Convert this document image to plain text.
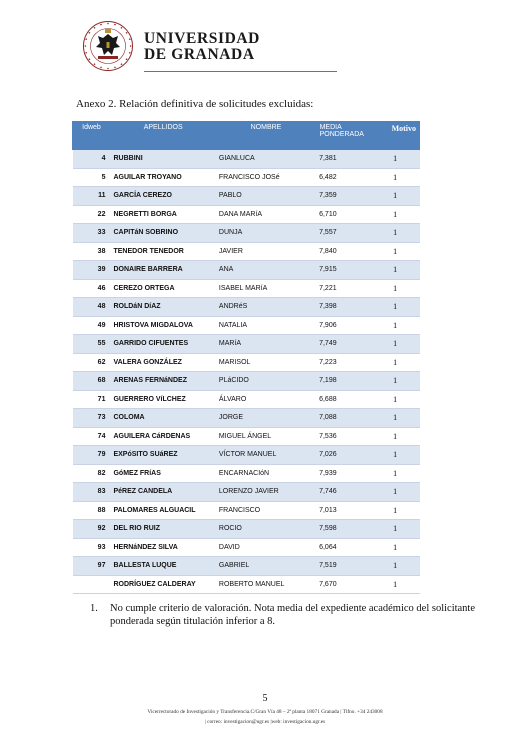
UNIVERSIDAD
DE GRANADA
Anexo 2. Relación definitiva de solicitudes excluidas:
Idweb	APELLIDOS	NOMBRE	MEDIA PONDERADA	Motivo
4	RUBBINI	GIANLUCA	7,381	1
5	AGUILAR TROYANO	FRANCISCO JOSé	6,482	1
11	GARCÍA CEREZO	PABLO	7,359	1
22	NEGRETTI BORGA	DANA MARíA	6,710	1
33	CAPITáN SOBRINO	DUNJA	7,557	1
38	TENEDOR TENEDOR	JAVIER	7,840	1
39	DONAIRE BARRERA	ANA	7,915	1
46	CEREZO ORTEGA	ISABEL MARíA	7,221	1
48	ROLDáN DíAZ	ANDRéS	7,398	1
49	HRISTOVA MIGDALOVA	NATALIA	7,906	1
55	GARRIDO CIFUENTES	MARíA	7,749	1
62	VALERA GONZÁLEZ	MARISOL	7,223	1
68	ARENAS FERNáNDEZ	PLáCIDO	7,198	1
71	GUERRERO VíLCHEZ	ÁLVARO	6,688	1
73	COLOMA	JORGE	7,088	1
74	AGUILERA CáRDENAS	MIGUEL ÁNGEL	7,536	1
79	EXPóSITO SUáREZ	VÍCTOR MANUEL	7,026	1
82	GóMEZ FRíAS	ENCARNACIóN	7,939	1
83	PéREZ CANDELA	LORENZO JAVIER	7,746	1
88	PALOMARES ALGUACIL	FRANCISCO	7,013	1
92	DEL RIO RUIZ	ROCIO	7,598	1
93	HERNáNDEZ SILVA	DAVID	6,064	1
97	BALLESTA LUQUE	GABRIEL	7,519	1
	RODRÍGUEZ CALDERAY	ROBERTO MANUEL	7,670	1
1. No cumple criterio de valoración. Nota media del expediente académico del solicitante ponderada según titulación inferior a 8.
5
Vicerrectorado de Investigación y Transferencia.C/Gran Vía 48 – 2ª planta 18071 Granada | Tlfno. +34 243008
| correo: investigacion@ugr.es |web: investigacion.ugr.es
